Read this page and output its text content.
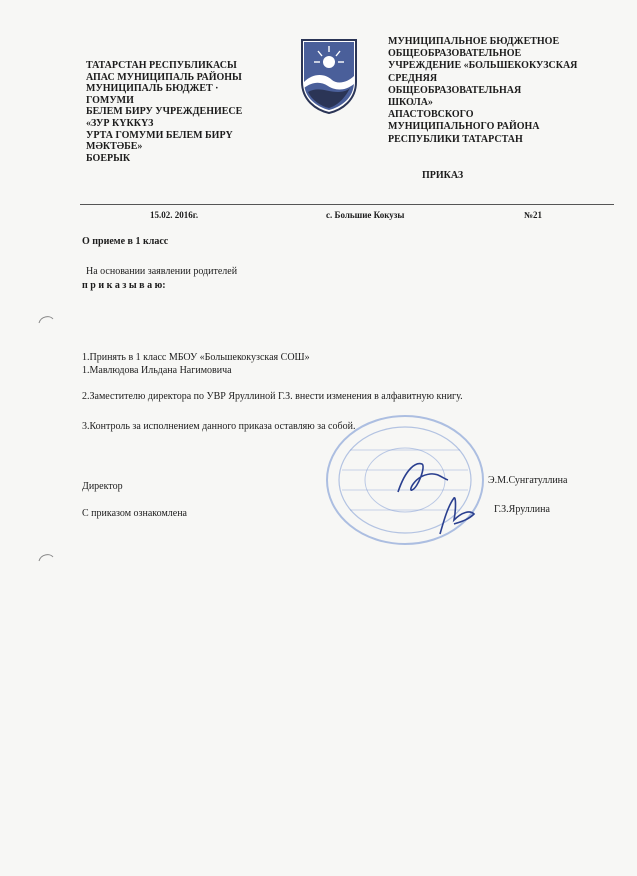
ТАТАРСТАН РЕСПУБЛИКАСЫ
АПАС МУНИЦИПАЛЬ РАЙОНЫ
МУНИЦИПАЛЬ БЮДЖЕТ ·
ГОМУМИ
БЕЛЕМ БИРУ УЧРЕЖДЕНИЕСЕ
«ЗУР КҮККҮЗ
УРТА ГОМУМИ БЕЛЕМ БИРҮ
МӘКТӘБЕ»
БОЕРЫК
МУНИЦИПАЛЬНОЕ БЮДЖЕТНОЕ
ОБЩЕОБРАЗОВАТЕЛЬНОЕ
УЧРЕЖДЕНИЕ «БОЛЬШЕКОКУЗСКАЯ
СРЕДНЯЯ
ОБЩЕОБРАЗОВАТЕЛЬНАЯ
ШКОЛА»
АПАСТОВСКОГО
МУНИЦИПАЛЬНОГО РАЙОНА
РЕСПУБЛИКИ ТАТАРСТАН
ПРИКАЗ
15.02. 2016г.	с. Большие Кокузы	№21
О приеме в 1 класс
На основании заявлении родителей
п р и к а з ы в а ю:
1.Принять в 1 класс МБОУ «Большекокузская СОШ»
1.Мавлюдова Ильдана Нагимовича
2.Заместителю директора по УВР Яруллиной Г.З. внести изменения в алфавитную книгу.
3.Контроль за исполнением данного приказа оставляю за собой.
Директор
Э.М.Сунгатуллина
С приказом ознакомлена	Г.З.Яруллина
